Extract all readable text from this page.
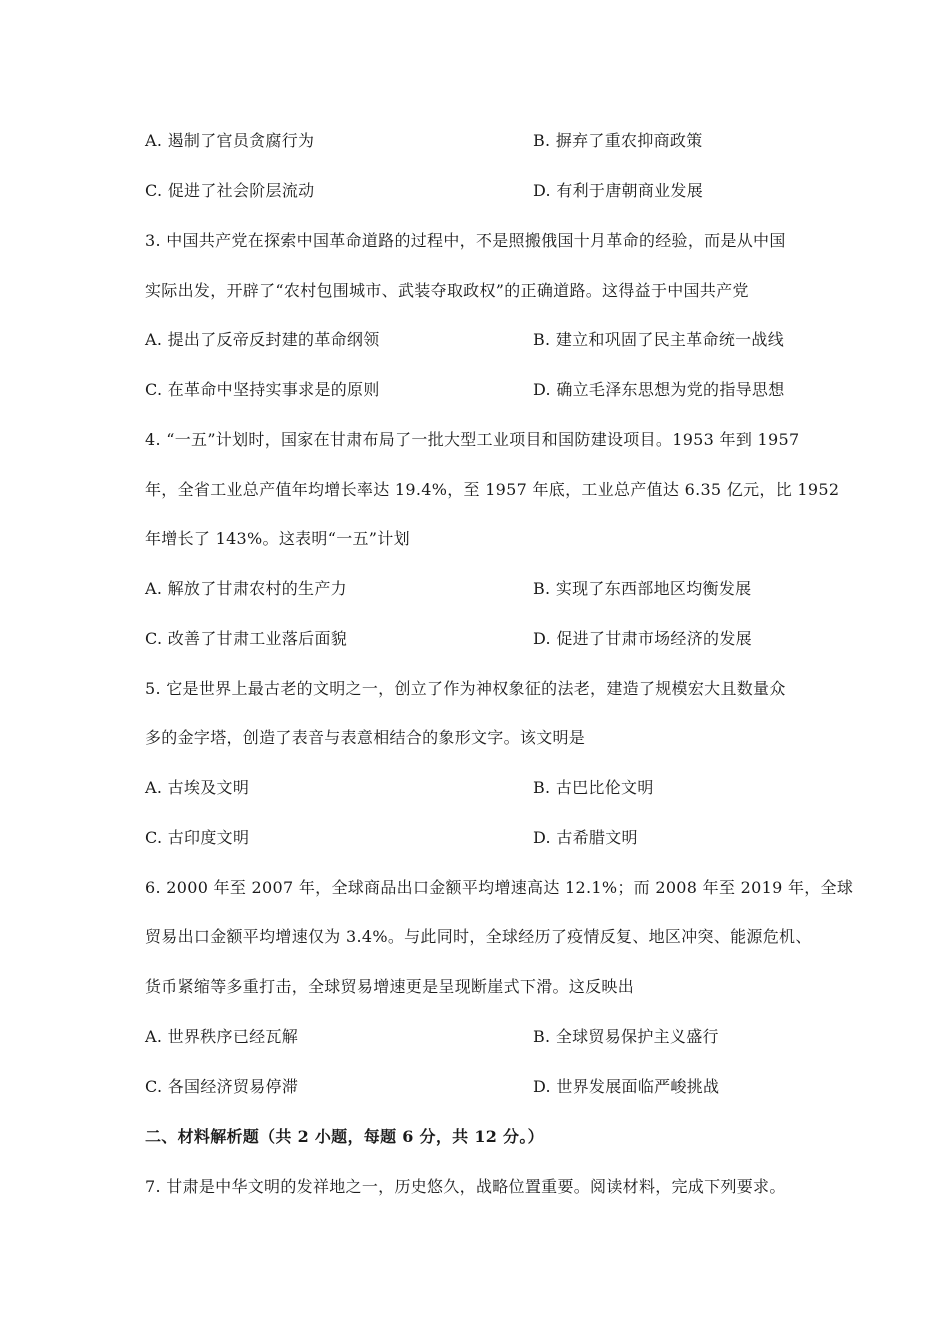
A. 遏制了官员贪腐行为	B. 摒弃了重农抑商政策
C. 促进了社会阶层流动	D. 有利于唐朝商业发展
3. 中国共产党在探索中国革命道路的过程中，不是照搬俄国十月革命的经验，而是从中国
实际出发，开辟了“农村包围城市、武装夺取政权”的正确道路。这得益于中国共产党
A. 提出了反帝反封建的革命纲领	B. 建立和巩固了民主革命统一战线
C. 在革命中坚持实事求是的原则	D. 确立毛泽东思想为党的指导思想
4. “一五”计划时，国家在甘肃布局了一批大型工业项目和国防建设项目。1953 年到 1957
年，全省工业总产值年均增长率达 19.4%，至 1957 年底，工业总产值达 6.35 亿元，比 1952
年增长了 143%。这表明“一五”计划
A. 解放了甘肃农村的生产力	B. 实现了东西部地区均衡发展
C. 改善了甘肃工业落后面貌	D. 促进了甘肃市场经济的发展
5. 它是世界上最古老的文明之一，创立了作为神权象征的法老，建造了规模宏大且数量众
多的金字塔，创造了表音与表意相结合的象形文字。该文明是
A. 古埃及文明	B. 古巴比伦文明
C. 古印度文明	D. 古希腊文明
6. 2000 年至 2007 年，全球商品出口金额平均增速高达 12.1%；而 2008 年至 2019 年，全球
贸易出口金额平均增速仅为 3.4%。与此同时，全球经历了疫情反复、地区冲突、能源危机、
货币紧缩等多重打击，全球贸易增速更是呈现断崖式下滑。这反映出
A. 世界秩序已经瓦解	B. 全球贸易保护主义盛行
C. 各国经济贸易停滞	D. 世界发展面临严峻挑战
二、材料解析题（共 2 小题，每题 6 分，共 12 分。）
7. 甘肃是中华文明的发祥地之一，历史悠久，战略位置重要。阅读材料，完成下列要求。
